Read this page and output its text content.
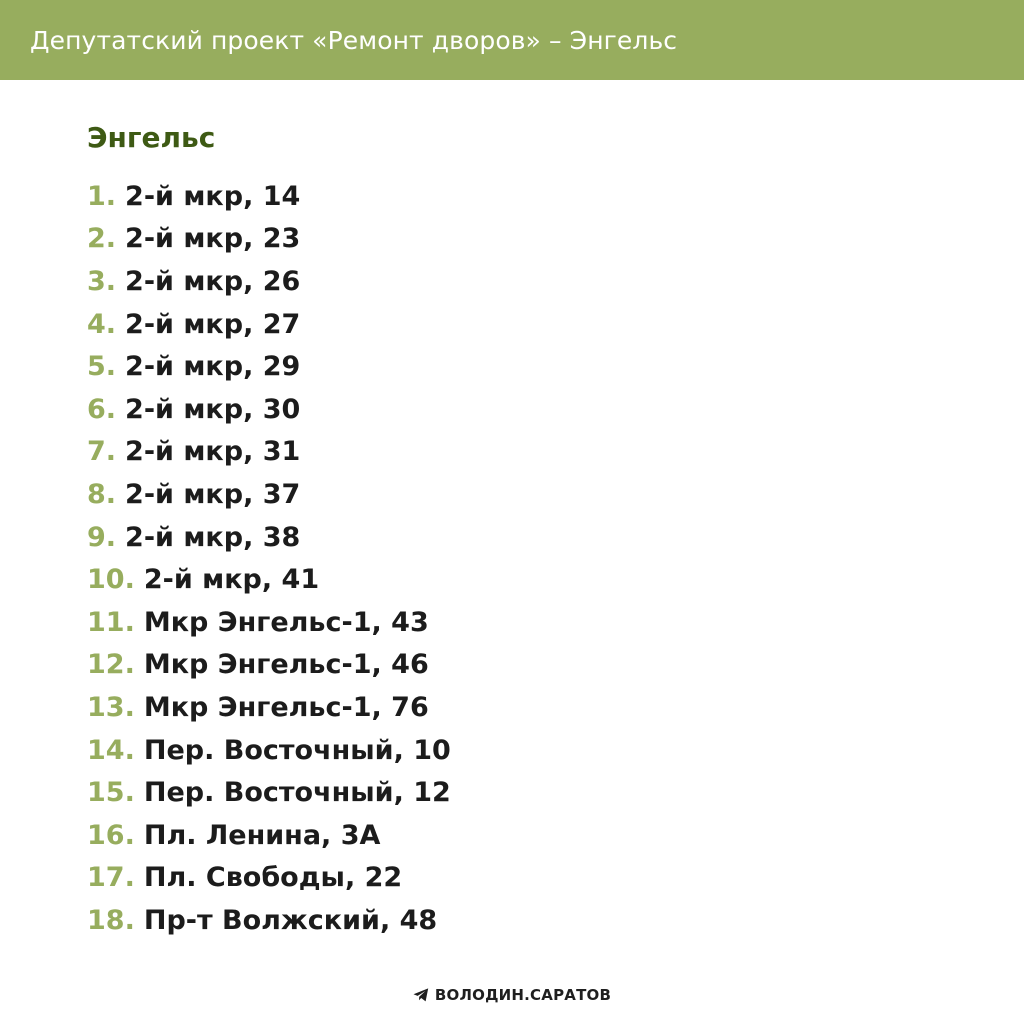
Депутатский проект «Ремонт дворов» – Энгельс
Энгельс
1. 2-й мкр, 14
2. 2-й мкр, 23
3. 2-й мкр, 26
4. 2-й мкр, 27
5. 2-й мкр, 29
6. 2-й мкр, 30
7. 2-й мкр, 31
8. 2-й мкр, 37
9. 2-й мкр, 38
10. 2-й мкр, 41
11. Мкр Энгельс-1, 43
12. Мкр Энгельс-1, 46
13. Мкр Энгельс-1, 76
14. Пер. Восточный, 10
15. Пер. Восточный, 12
16. Пл. Ленина, 3А
17. Пл. Свободы, 22
18. Пр-т Волжский, 48
ВОЛОДИН.САРАТОВ
